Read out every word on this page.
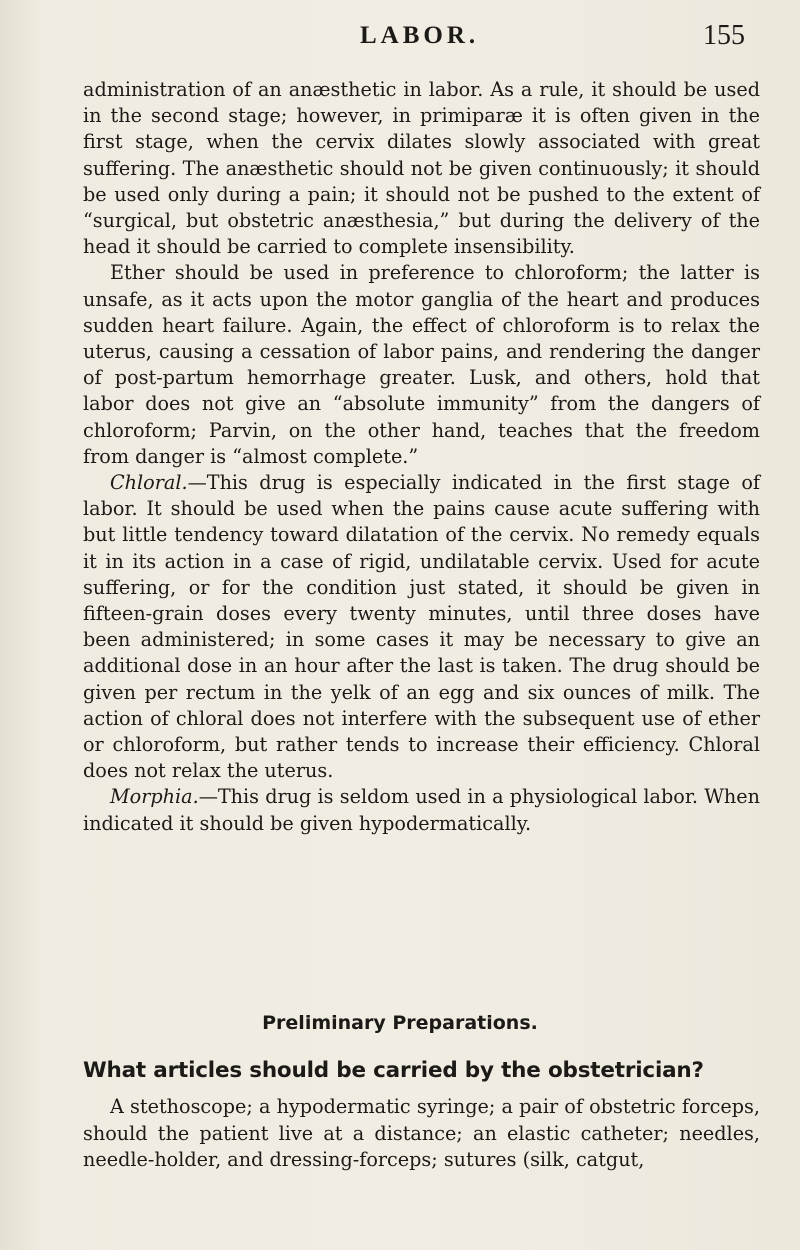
LABOR.	155

administration of an anæsthetic in labor. As a rule, it should be used in the second stage; however, in primiparæ it is often given in the first stage, when the cervix dilates slowly associated with great suffering. The anæsthetic should not be given continuously; it should be used only during a pain; it should not be pushed to the extent of “surgical, but obstetric anæsthesia,” but during the delivery of the head it should be carried to complete insensibility.

Ether should be used in preference to chloroform; the latter is unsafe, as it acts upon the motor ganglia of the heart and produces sudden heart failure. Again, the effect of chloroform is to relax the uterus, causing a cessation of labor pains, and rendering the danger of post-partum hemorrhage greater. Lusk, and others, hold that labor does not give an “absolute immunity” from the dangers of chloroform; Parvin, on the other hand, teaches that the freedom from danger is “almost complete.”

Chloral.—This drug is especially indicated in the first stage of labor. It should be used when the pains cause acute suffering with but little tendency toward dilatation of the cervix. No remedy equals it in its action in a case of rigid, undilatable cervix. Used for acute suffering, or for the condition just stated, it should be given in fifteen-grain doses every twenty minutes, until three doses have been administered; in some cases it may be necessary to give an additional dose in an hour after the last is taken. The drug should be given per rectum in the yelk of an egg and six ounces of milk. The action of chloral does not interfere with the subsequent use of ether or chloroform, but rather tends to increase their efficiency. Chloral does not relax the uterus.

Morphia.—This drug is seldom used in a physiological labor. When indicated it should be given hypodermatically.

Preliminary Preparations.
What articles should be carried by the obstetrician?

A stethoscope; a hypodermatic syringe; a pair of obstetric forceps, should the patient live at a distance; an elastic catheter; needles, needle-holder, and dressing-forceps; sutures (silk, catgut,
